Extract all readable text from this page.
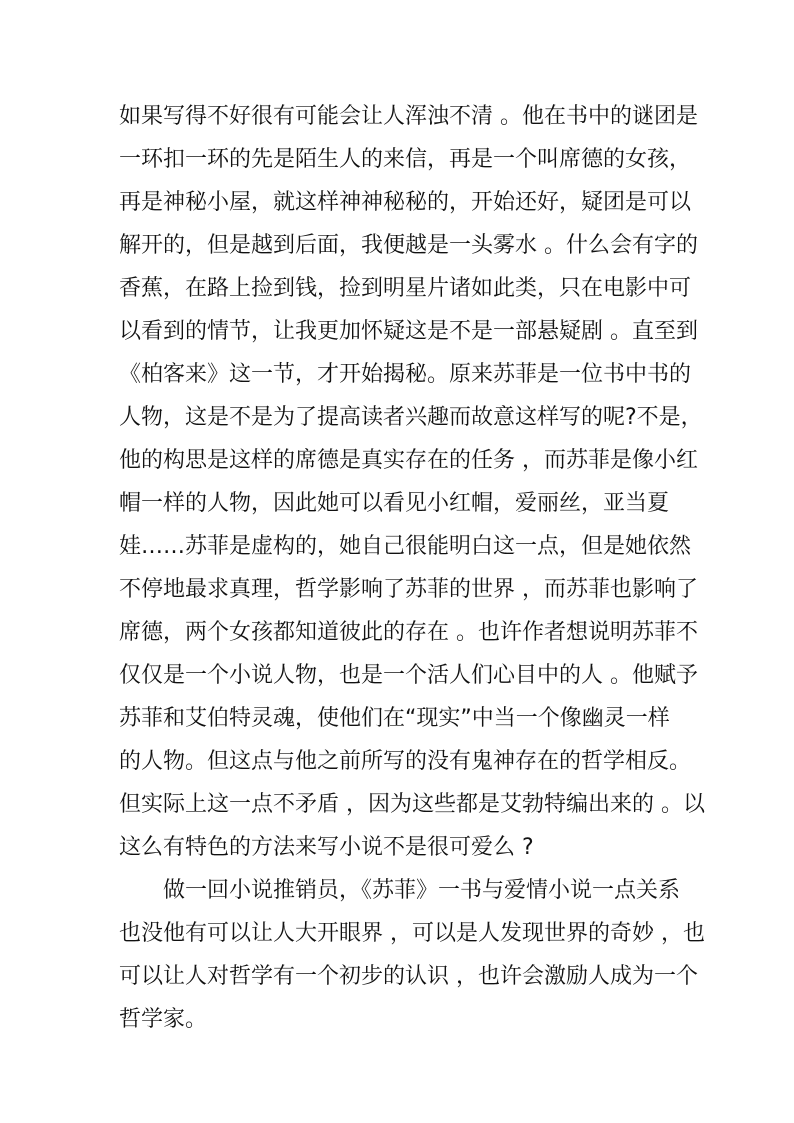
如果写得不好很有可能会让人浑浊不清 。他在书中的谜团是
一环扣一环的先是陌生人的来信，再是一个叫席德的女孩，
再是神秘小屋，就这样神神秘秘的，开始还好，疑团是可以
解开的，但是越到后面，我便越是一头雾水 。什么会有字的
香蕉，在路上捡到钱，捡到明星片诸如此类，只在电影中可
以看到的情节，让我更加怀疑这是不是一部悬疑剧 。直至到
《柏客来》这一节，才开始揭秘。原来苏菲是一位书中书的
人物，这是不是为了提高读者兴趣而故意这样写的呢?不是，
他的构思是这样的席德是真实存在的任务 ，而苏菲是像小红
帽一样的人物，因此她可以看见小红帽，爱丽丝，亚当夏
娃……苏菲是虚构的，她自己很能明白这一点，但是她依然
不停地最求真理，哲学影响了苏菲的世界 ，而苏菲也影响了
席德，两个女孩都知道彼此的存在 。也许作者想说明苏菲不
仅仅是一个小说人物，也是一个活人们心目中的人 。他赋予
苏菲和艾伯特灵魂，使他们在“现实”中当一个像幽灵一样
的人物。但这点与他之前所写的没有鬼神存在的哲学相反。
但实际上这一点不矛盾 ，因为这些都是艾勃特编出来的 。以
这么有特色的方法来写小说不是很可爱么 ?
做一回小说推销员，《苏菲》一书与爱情小说一点关系
也没他有可以让人大开眼界 ，可以是人发现世界的奇妙 ，也
可以让人对哲学有一个初步的认识 ，也许会激励人成为一个
哲学家。
